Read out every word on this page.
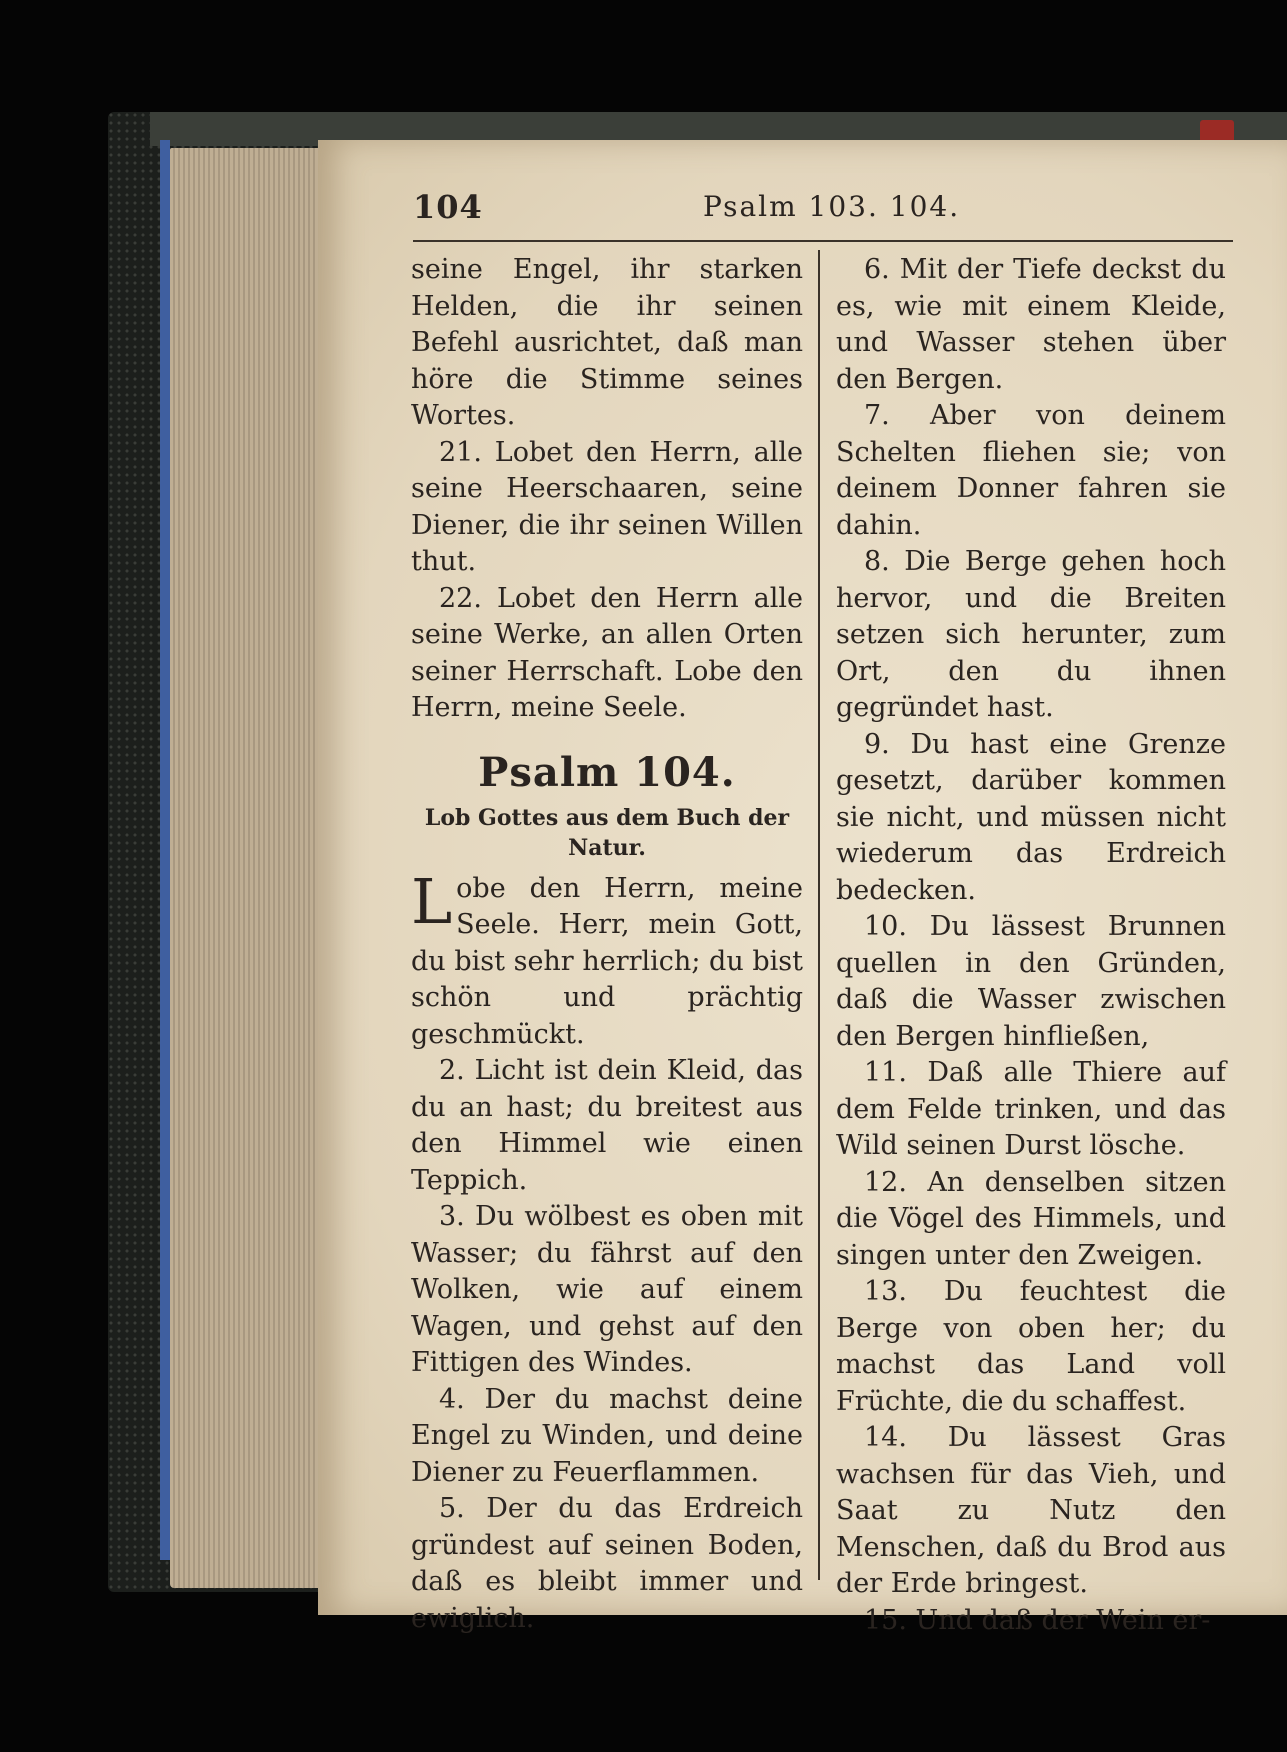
104	Psalm 103. 104.

seine Engel, ihr starken Helden, die ihr seinen Befehl ausrichtet, daß man höre die Stimme seines Wortes.

21. Lobet den Herrn, alle seine Heerschaaren, seine Diener, die ihr seinen Willen thut.

22. Lobet den Herrn alle seine Werke, an allen Orten seiner Herrschaft. Lobe den Herrn, meine Seele.

Psalm 104.
Lob Gottes aus dem Buch der Natur.

Lobe den Herrn, meine Seele. Herr, mein Gott, du bist sehr herrlich; du bist schön und prächtig geschmückt.

2. Licht ist dein Kleid, das du an hast; du breitest aus den Himmel wie einen Teppich.

3. Du wölbest es oben mit Wasser; du fährst auf den Wolken, wie auf einem Wagen, und gehst auf den Fittigen des Windes.

4. Der du machst deine Engel zu Winden, und deine Diener zu Feuerflammen.

5. Der du das Erdreich gründest auf seinen Boden, daß es bleibt immer und ewiglich.

6. Mit der Tiefe deckst du es, wie mit einem Kleide, und Wasser stehen über den Bergen.

7. Aber von deinem Schelten fliehen sie; von deinem Donner fahren sie dahin.

8. Die Berge gehen hoch hervor, und die Breiten setzen sich herunter, zum Ort, den du ihnen gegründet hast.

9. Du hast eine Grenze gesetzt, darüber kommen sie nicht, und müssen nicht wiederum das Erdreich bedecken.

10. Du lässest Brunnen quellen in den Gründen, daß die Wasser zwischen den Bergen hinfließen,

11. Daß alle Thiere auf dem Felde trinken, und das Wild seinen Durst lösche.

12. An denselben sitzen die Vögel des Himmels, und singen unter den Zweigen.

13. Du feuchtest die Berge von oben her; du machst das Land voll Früchte, die du schaffest.

14. Du lässest Gras wachsen für das Vieh, und Saat zu Nutz den Menschen, daß du Brod aus der Erde bringest.

15. Und daß der Wein er-
